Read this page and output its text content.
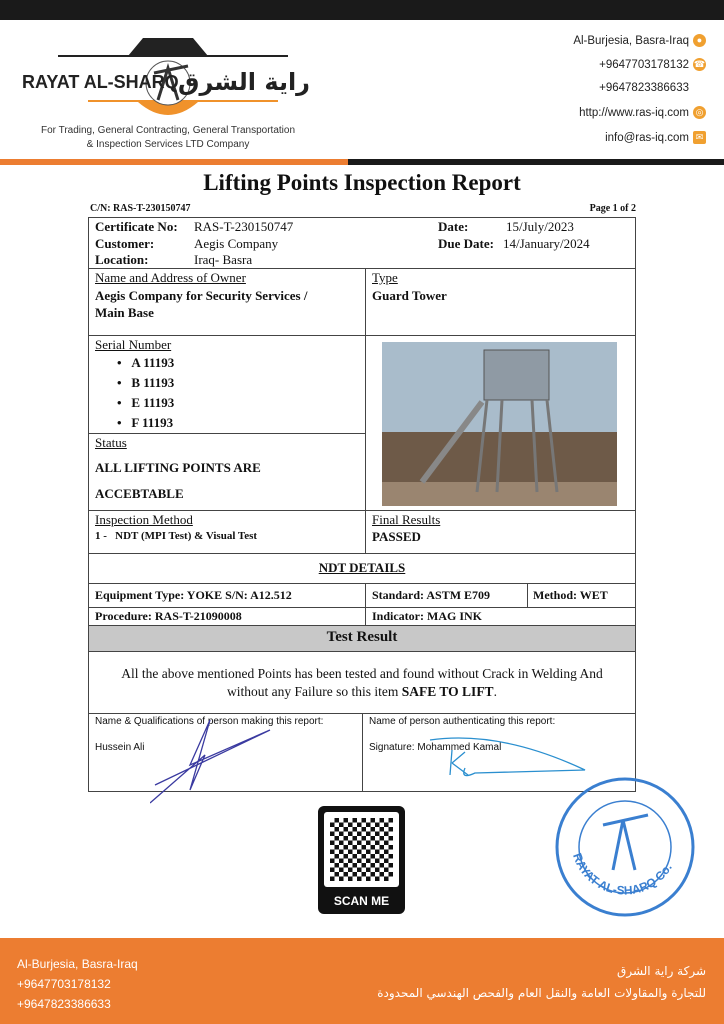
RAYAT AL-SHARQ راية الشرق
For Trading, General Contracting, General Transportation
& Inspection Services LTD Company
Al-Burjesia, Basra-Iraq ●
+9647703178132 ☎
+9647823386633
http://www.ras-iq.com ◎
info@ras-iq.com ✉
Lifting Points Inspection Report
C/N: RAS-T-230150747	Page 1 of 2
Certificate No: RAS-T-230150747
Customer:	Aegis Company
Location:	Iraq- Basra
Date:	15/July/2023
Due Date: 14/January/2024
Name and Address of Owner
Aegis Company for Security Services /
Main Base
Type
Guard Tower
Serial Number
•   A 11193
•   B 11193
•   E 11193
•   F 11193
Status
ALL LIFTING POINTS ARE
ACCEBTABLE
Inspection Method
1 - NDT (MPI Test) & Visual Test
Final Results
PASSED
NDT DETAILS
Equipment Type: YOKE S/N: A12.512	Standard: ASTM E709	Method: WET
Procedure: RAS-T-21090008	Indicator: MAG INK
Test Result
All the above mentioned Points has been tested and found without Crack in Welding And
without any Failure so this item SAFE TO LIFT.
Name & Qualifications of person making this report:
Hussein Ali
Name of person authenticating this report:
Signature: Mohammed Kamal
SCAN ME
RAYAT AL-SHARQ Co.
Al-Burjesia, Basra-Iraq
+9647703178132
+9647823386633
شركة راية الشرق
للتجارة والمقاولات العامة والنقل العام والفحص الهندسي المحدودة
